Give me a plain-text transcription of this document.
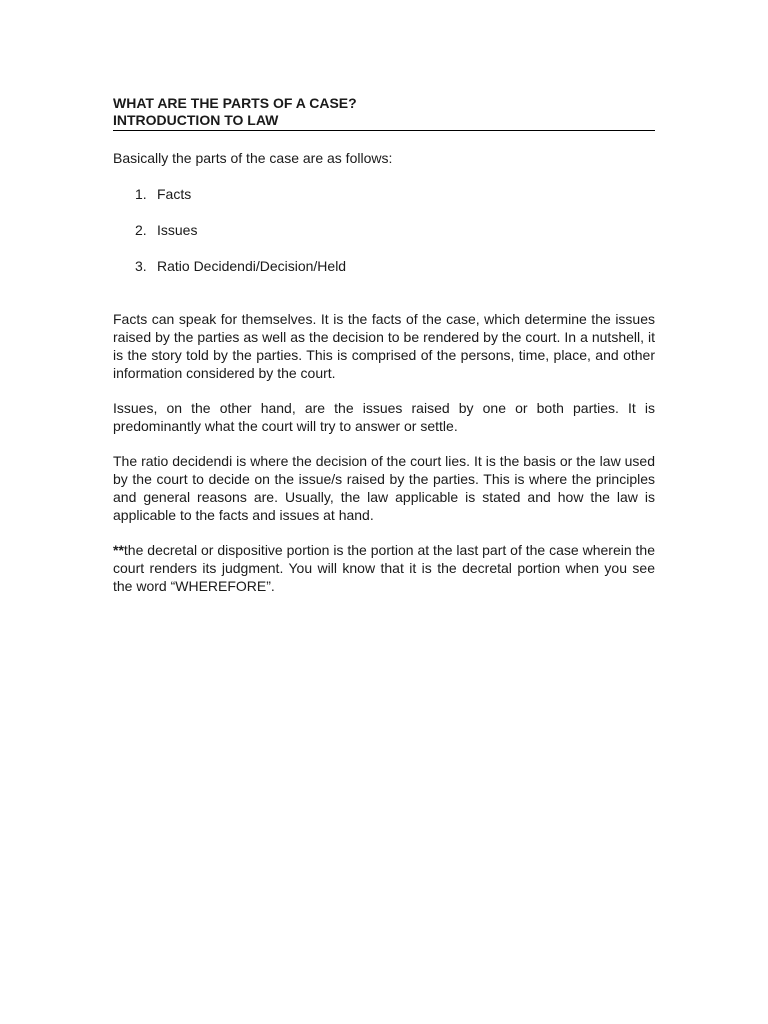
WHAT ARE THE PARTS OF A CASE?
INTRODUCTION TO LAW
Basically the parts of the case are as follows:
1. Facts
2. Issues
3. Ratio Decidendi/Decision/Held

Facts can speak for themselves. It is the facts of the case, which determine the issues raised by the parties as well as the decision to be rendered by the court. In a nutshell, it is the story told by the parties. This is comprised of the persons, time, place, and other information considered by the court.

Issues, on the other hand, are the issues raised by one or both parties. It is predominantly what the court will try to answer or settle.

The ratio decidendi is where the decision of the court lies. It is the basis or the law used by the court to decide on the issue/s raised by the parties. This is where the principles and general reasons are. Usually, the law applicable is stated and how the law is applicable to the facts and issues at hand.

**the decretal or dispositive portion is the portion at the last part of the case wherein the court renders its judgment. You will know that it is the decretal portion when you see the word “WHEREFORE”.
